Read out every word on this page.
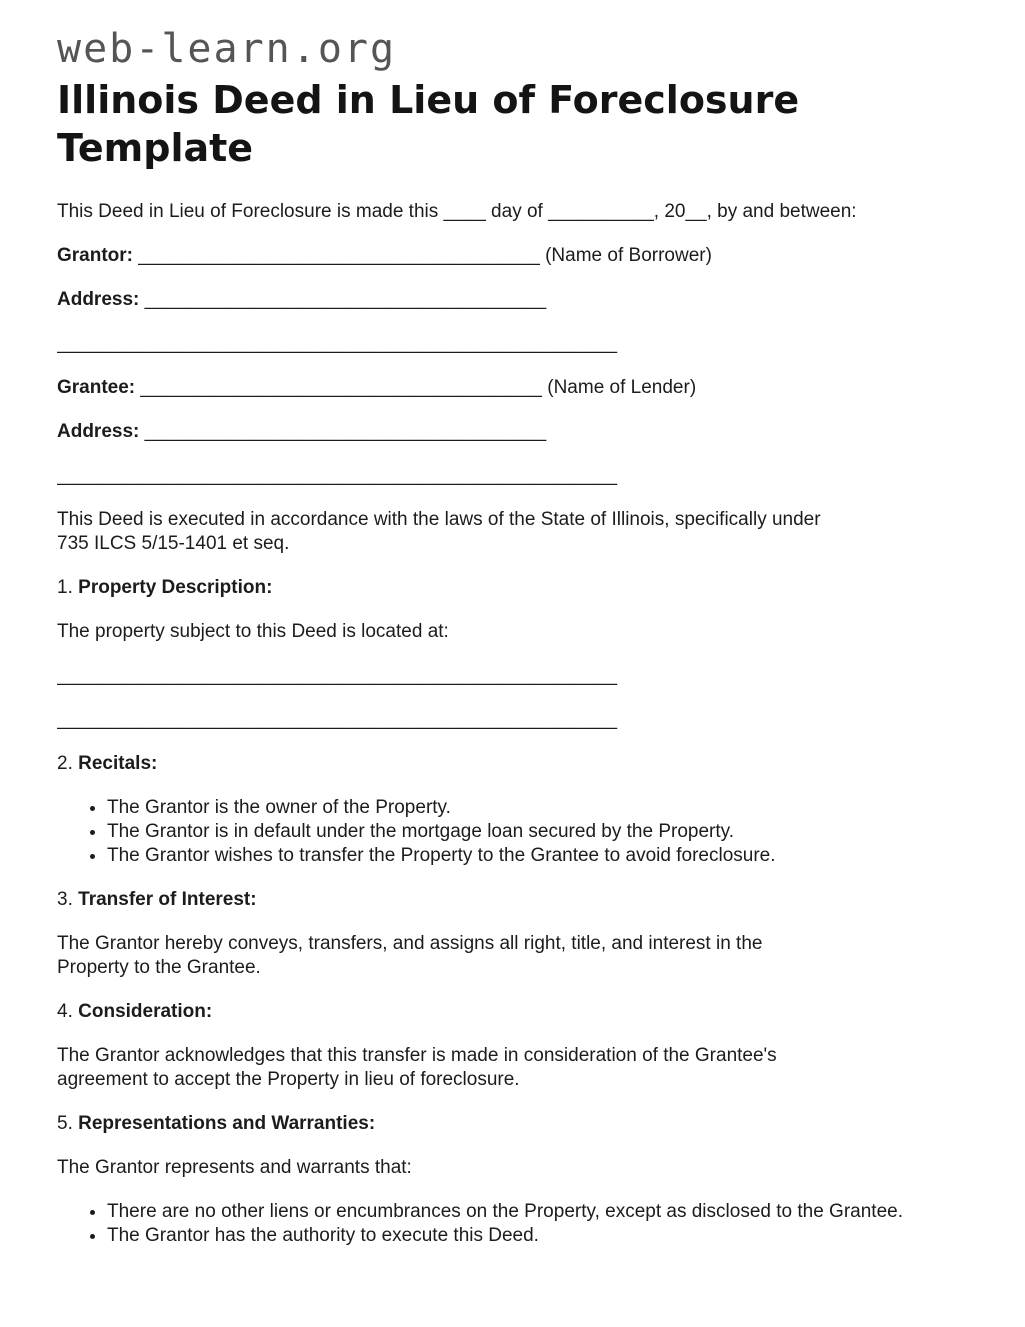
web-learn.org
Illinois Deed in Lieu of Foreclosure Template

This Deed in Lieu of Foreclosure is made this ____ day of __________, 20__, by and between:

Grantor: ______________________________________ (Name of Borrower)

Address: ______________________________________

_____________________________________________________

Grantee: ______________________________________ (Name of Lender)

Address: ______________________________________

_____________________________________________________

This Deed is executed in accordance with the laws of the State of Illinois, specifically under 735 ILCS 5/15-1401 et seq.

1. Property Description:

The property subject to this Deed is located at:

_____________________________________________________

_____________________________________________________

2. Recitals:

• The Grantor is the owner of the Property.
• The Grantor is in default under the mortgage loan secured by the Property.
• The Grantor wishes to transfer the Property to the Grantee to avoid foreclosure.

3. Transfer of Interest:

The Grantor hereby conveys, transfers, and assigns all right, title, and interest in the Property to the Grantee.

4. Consideration:

The Grantor acknowledges that this transfer is made in consideration of the Grantee's agreement to accept the Property in lieu of foreclosure.

5. Representations and Warranties:

The Grantor represents and warrants that:

• There are no other liens or encumbrances on the Property, except as disclosed to the Grantee.
• The Grantor has the authority to execute this Deed.
